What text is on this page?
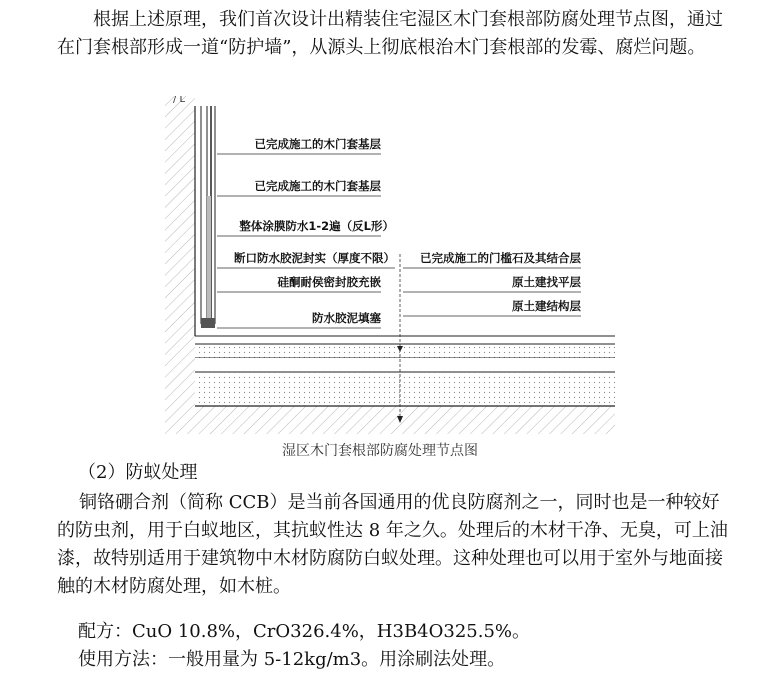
根据上述原理，我们首次设计出精装住宅湿区木门套根部防腐处理节点图，通过在门套根部形成一道“防护墙”，从源头上彻底根治木门套根部的发霉、腐烂问题。

/ L
已完成施工的木门套基层
已完成施工的木门套基层
整体涂膜防水1-2遍（反L形）
断口防水胶泥封实（厚度不限）
硅酮耐侯密封胶充嵌
防水胶泥填塞
已完成施工的门槛石及其结合层
原土建找平层
原土建结构层
湿区木门套根部防腐处理节点图

（2）防蚁处理

铜铬硼合剂（简称 CCB）是当前各国通用的优良防腐剂之一，同时也是一种较好的防虫剂，用于白蚁地区，其抗蚁性达 8 年之久。处理后的木材干净、无臭，可上油漆，故特别适用于建筑物中木材防腐防白蚁处理。这种处理也可以用于室外与地面接触的木材防腐处理，如木桩。

配方：CuO 10.8%，CrO326.4%，H3B4O325.5%。

使用方法：一般用量为 5-12kg/m3。用涂刷法处理。
